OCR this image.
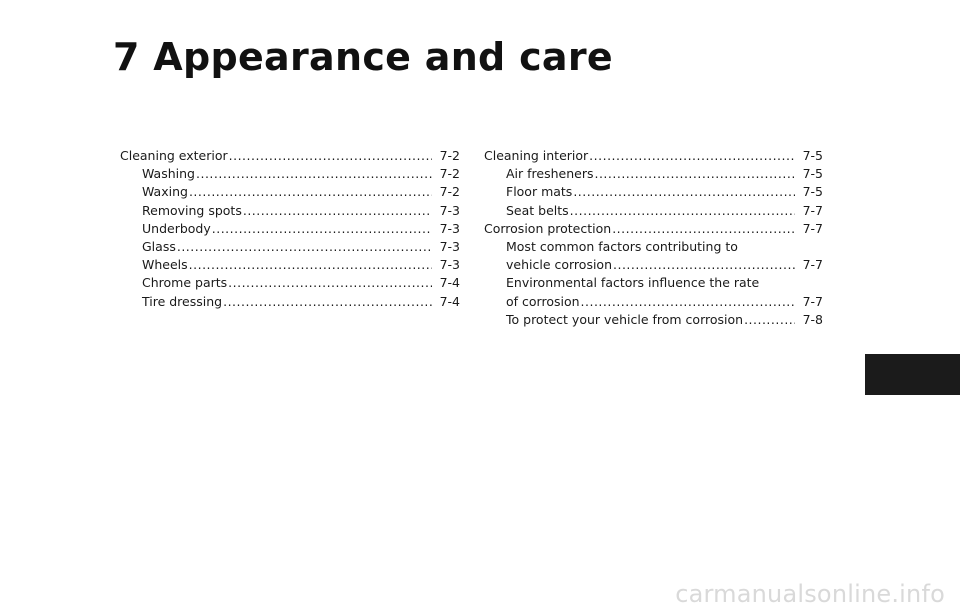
7 Appearance and care
Cleaning exterior .....	7-2
Washing .....	7-2
Waxing .....	7-2
Removing spots .....	7-3
Underbody .....	7-3
Glass .....	7-3
Wheels .....	7-3
Chrome parts .....	7-4
Tire dressing .....	7-4
Cleaning interior .....	7-5
Air fresheners .....	7-5
Floor mats .....	7-5
Seat belts .....	7-7
Corrosion protection .....	7-7
Most common factors contributing to
vehicle corrosion .....	7-7
Environmental factors influence the rate
of corrosion .....	7-7
To protect your vehicle from corrosion .....	7-8
carmanualsonline.info
